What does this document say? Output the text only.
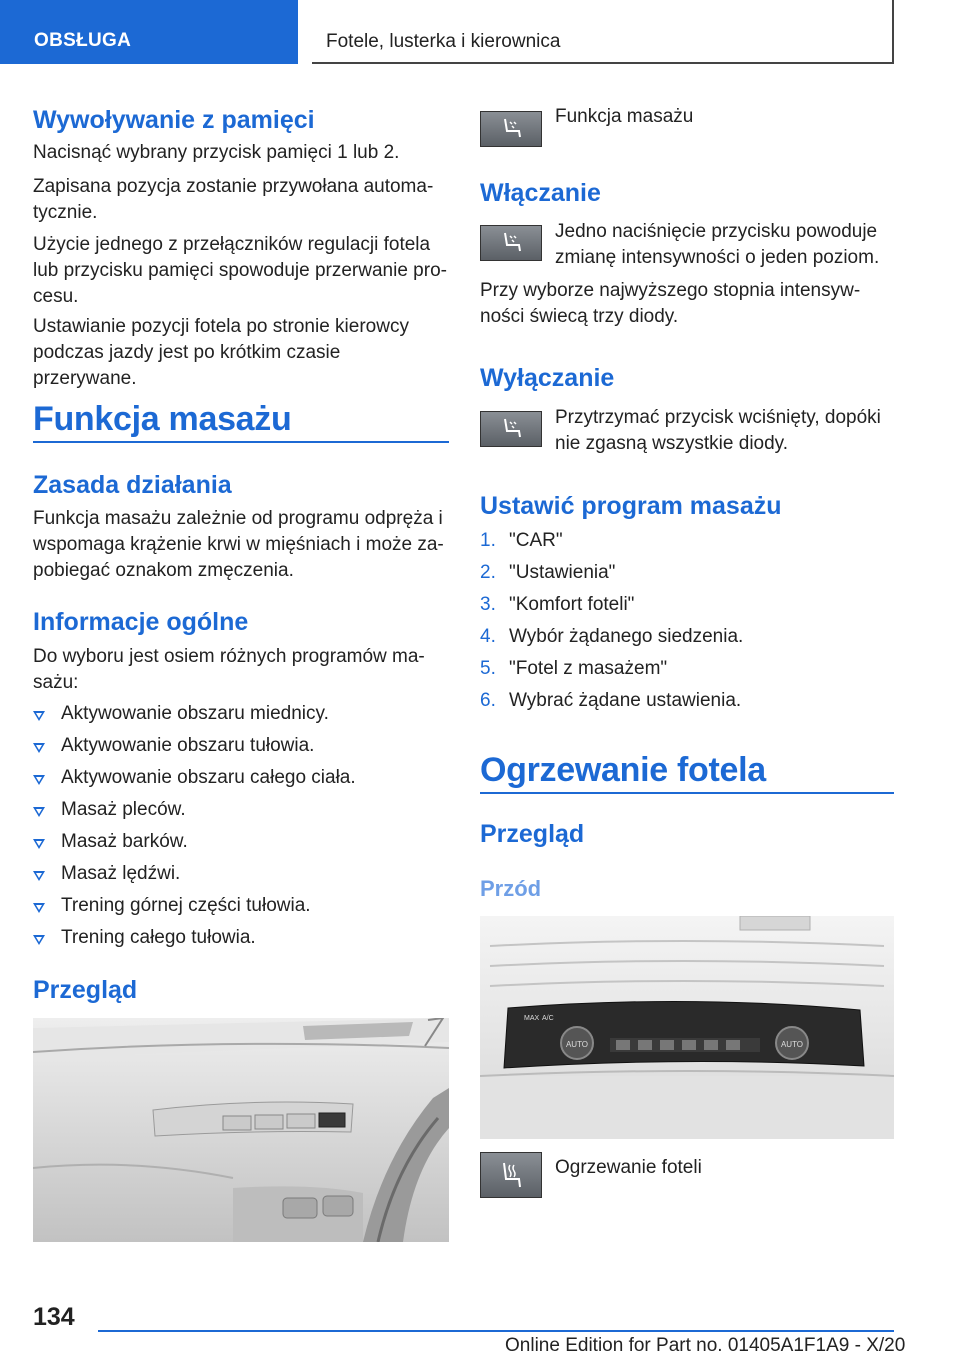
OBSŁUGA	Fotele, lusterka i kierownica
Wywoływanie z pamięci

Nacisnąć wybrany przycisk pamięci 1 lub 2.

Zapisana pozycja zostanie przywołana automa‐

tycznie.

Użycie jednego z przełączników regulacji fotela

lub przycisku pamięci spowoduje przerwanie pro‐

cesu.

Ustawianie pozycji fotela po stronie kierowcy

podczas jazdy jest po krótkim czasie przerywane.

Funkcja masażu
Zasada działania

Funkcja masażu zależnie od programu odpręża i

wspomaga krążenie krwi w mięśniach i może za‐

pobiegać oznakom zmęczenia.

Informacje ogólne

Do wyboru jest osiem różnych programów ma‐

sażu:

Aktywowanie obszaru miednicy.
Aktywowanie obszaru tułowia.
Aktywowanie obszaru całego ciała.
Masaż pleców.
Masaż barków.
Masaż lędźwi.
Trening górnej części tułowia.
Trening całego tułowia.
Przegląd
Funkcja masażu
Włączanie
Jedno naciśnięcie przycisku powoduje
zmianę intensywności o jeden poziom.

Przy wyborze najwyższego stopnia intensyw‐

ności świecą trzy diody.

Wyłączanie
Przytrzymać przycisk wciśnięty, dopóki
nie zgasną wszystkie diody.
Ustawić program masażu
1. "CAR"
2. "Ustawienia"
3. "Komfort foteli"
4. Wybór żądanego siedzenia.
5. "Fotel z masażem"
6. Wybrać żądane ustawienia.
Ogrzewanie fotela
Przegląd
Przód
AUTO	AUTO
MAX A/C
Ogrzewanie foteli
134
Online Edition for Part no. 01405A1F1A9 - X/20
